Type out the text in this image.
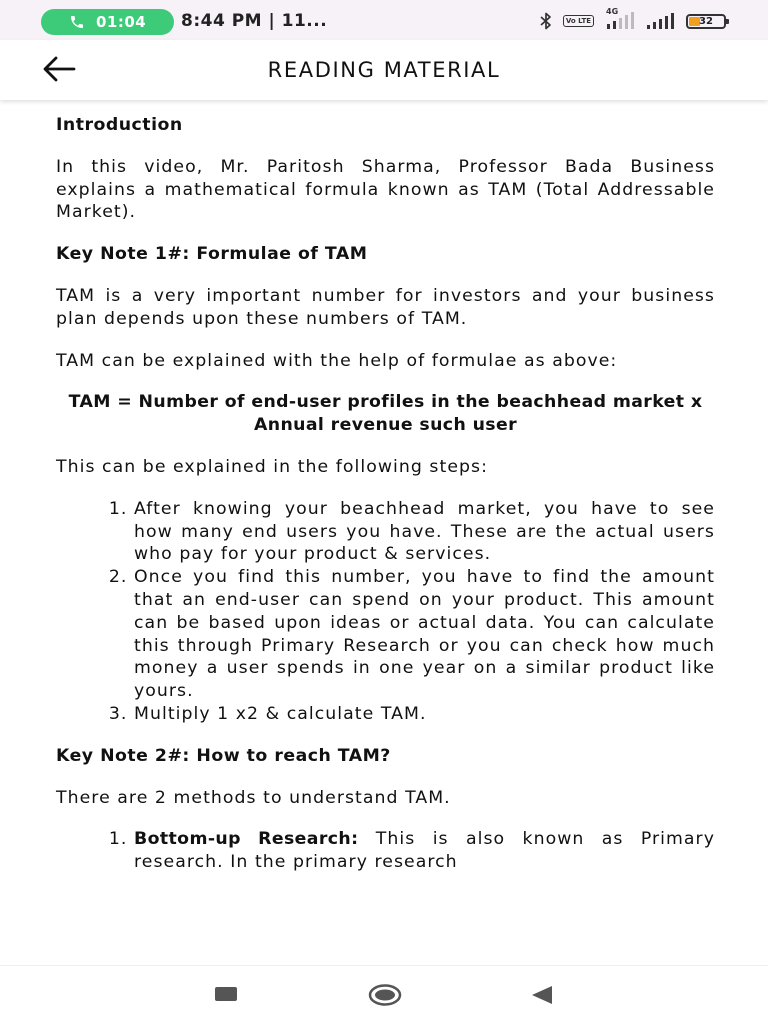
01:04 8:44 PM | 11...	Vo LTE
4G
32
READING MATERIAL
Introduction

In this video, Mr. Paritosh Sharma, Professor Bada Business explains a mathematical formula known as TAM (Total Addressable Market).

Key Note 1#: Formulae of TAM

TAM is a very important number for investors and your business plan depends upon these numbers of TAM.

TAM can be explained with the help of formulae as above:

TAM = Number of end-user profiles in the beachhead market x Annual revenue such user

This can be explained in the following steps:

1. After knowing your beachhead market, you have to see how many end users you have. These are the actual users who pay for your product & services.
2. Once you find this number, you have to find the amount that an end-user can spend on your product. This amount can be based upon ideas or actual data. You can calculate this through Primary Research or you can check how much money a user spends in one year on a similar product like yours.
3. Multiply 1 x2 & calculate TAM.
Key Note 2#: How to reach TAM?

There are 2 methods to understand TAM.

1. Bottom-up Research: This is also known as Primary research. In the primary research
